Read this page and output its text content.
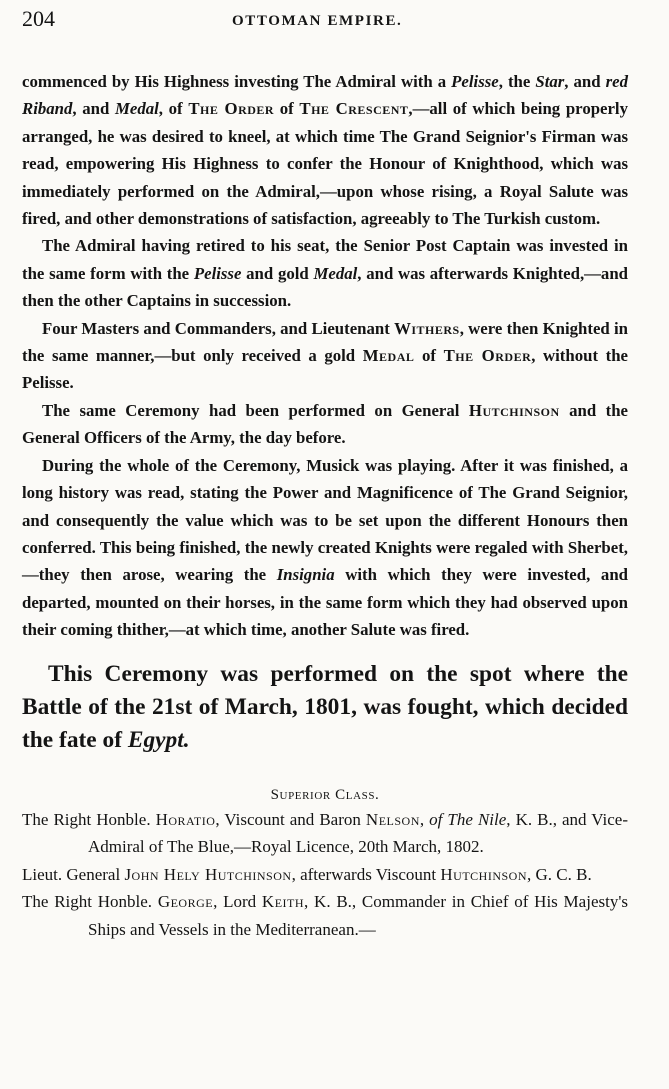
204	OTTOMAN EMPIRE.

commenced by His Highness investing The Admiral with a Pelisse, the Star, and red Riband, and Medal, of The Order of The Crescent,—all of which being properly arranged, he was desired to kneel, at which time The Grand Seignior's Firman was read, empowering His Highness to confer the Honour of Knighthood, which was immediately performed on the Admiral,—upon whose rising, a Royal Salute was fired, and other demonstrations of satisfaction, agreeably to The Turkish custom.

The Admiral having retired to his seat, the Senior Post Captain was invested in the same form with the Pelisse and gold Medal, and was afterwards Knighted,—and then the other Captains in succession.

Four Masters and Commanders, and Lieutenant Withers, were then Knighted in the same manner,—but only received a gold Medal of The Order, without the Pelisse.

The same Ceremony had been performed on General Hutchinson and the General Officers of the Army, the day before.

During the whole of the Ceremony, Musick was playing. After it was finished, a long history was read, stating the Power and Magnificence of The Grand Seignior, and consequently the value which was to be set upon the different Honours then conferred. This being finished, the newly created Knights were regaled with Sherbet,—they then arose, wearing the Insignia with which they were invested, and departed, mounted on their horses, in the same form which they had observed upon their coming thither,—at which time, another Salute was fired.

This Ceremony was performed on the spot where the Battle of the 21st of March, 1801, was fought, which decided the fate of Egypt.

Superior Class.

The Right Honble. Horatio, Viscount and Baron Nelson, of The Nile, K. B., and Vice-Admiral of The Blue,—Royal Licence, 20th March, 1802.

Lieut. General John Hely Hutchinson, afterwards Viscount Hutchinson, G. C. B.

The Right Honble. George, Lord Keith, K. B., Commander in Chief of His Majesty's Ships and Vessels in the Mediterranean.—
